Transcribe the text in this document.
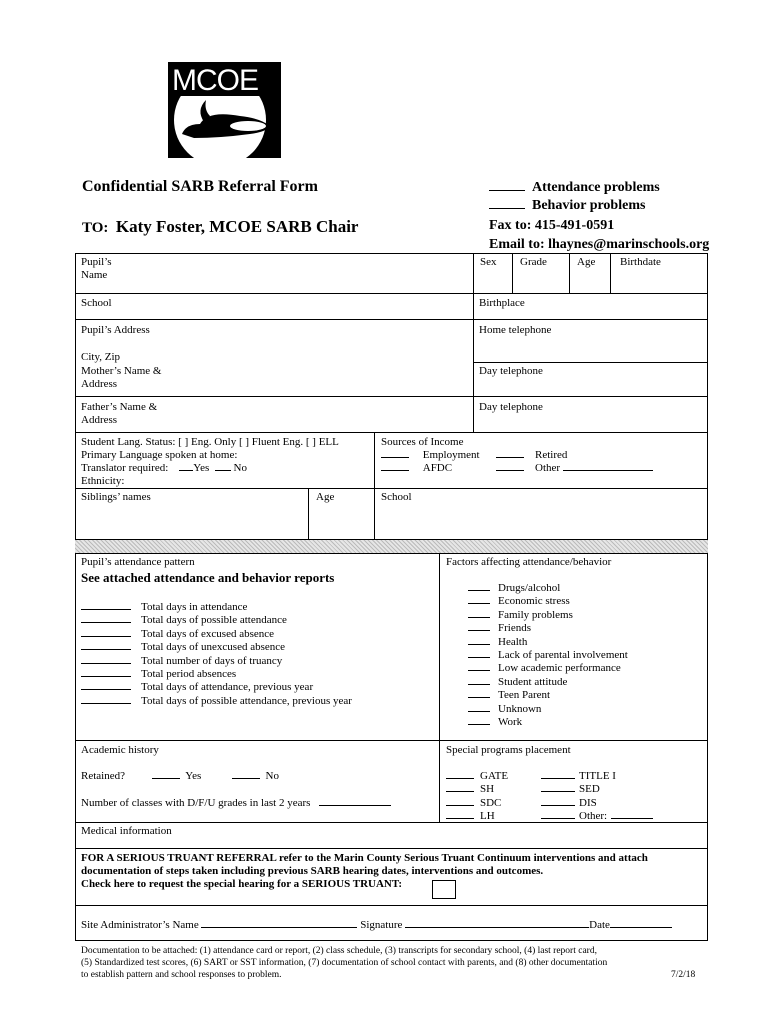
MCOE
Confidential SARB Referral Form
TO: Katy Foster, MCOE SARB Chair
Attendance problems
Behavior problems
Fax to: 415-491-0591
Email to: lhaynes@marinschools.org
Pupil’s
Name
Sex Grade	Age Birthdate
School	Birthplace
Pupil’s Address
City, Zip
Home telephone
Mother’s Name &
Address
Day telephone
Father’s Name &
Address
Day telephone
Student Lang. Status: [ ] Eng. Only [ ] Fluent Eng. [ ] ELL
Primary Language spoken at home:
Translator required: Yes No
Ethnicity:
Sources of Income
Employment	Retired
AFDC	Other
Siblings’ names	Age	School
Pupil’s attendance pattern
See attached attendance and behavior reports
Total days in attendance
Total days of possible attendance
Total days of excused absence
Total days of unexcused absence
Total number of days of truancy
Total period absences
Total days of attendance, previous year
Total days of possible attendance, previous year
Factors affecting attendance/behavior
Drugs/alcohol
Economic stress
Family problems
Friends
Health
Lack of parental involvement
Low academic performance
Student attitude
Teen Parent
Unknown
Work
Academic history
Retained?	Yes	No
Number of classes with D/F/U grades in last 2 years
Special programs placement
GATE
SH
SDC
LH
TITLE I
SED
DIS
Other:
Medical information
FOR A SERIOUS TRUANT REFERRAL refer to the Marin County Serious Truant Continuum interventions and attach
documentation of steps taken including previous SARB hearing dates, interventions and outcomes.
Check here to request the special hearing for a SERIOUS TRUANT:
Site Administrator’s Name	Signature	Date
Documentation to be attached: (1) attendance card or report, (2) class schedule, (3) transcripts for secondary school, (4) last report card,
(5) Standardized test scores, (6) SART or SST information, (7) documentation of school contact with parents, and (8) other documentation
to establish pattern and school responses to problem.	7/2/18
